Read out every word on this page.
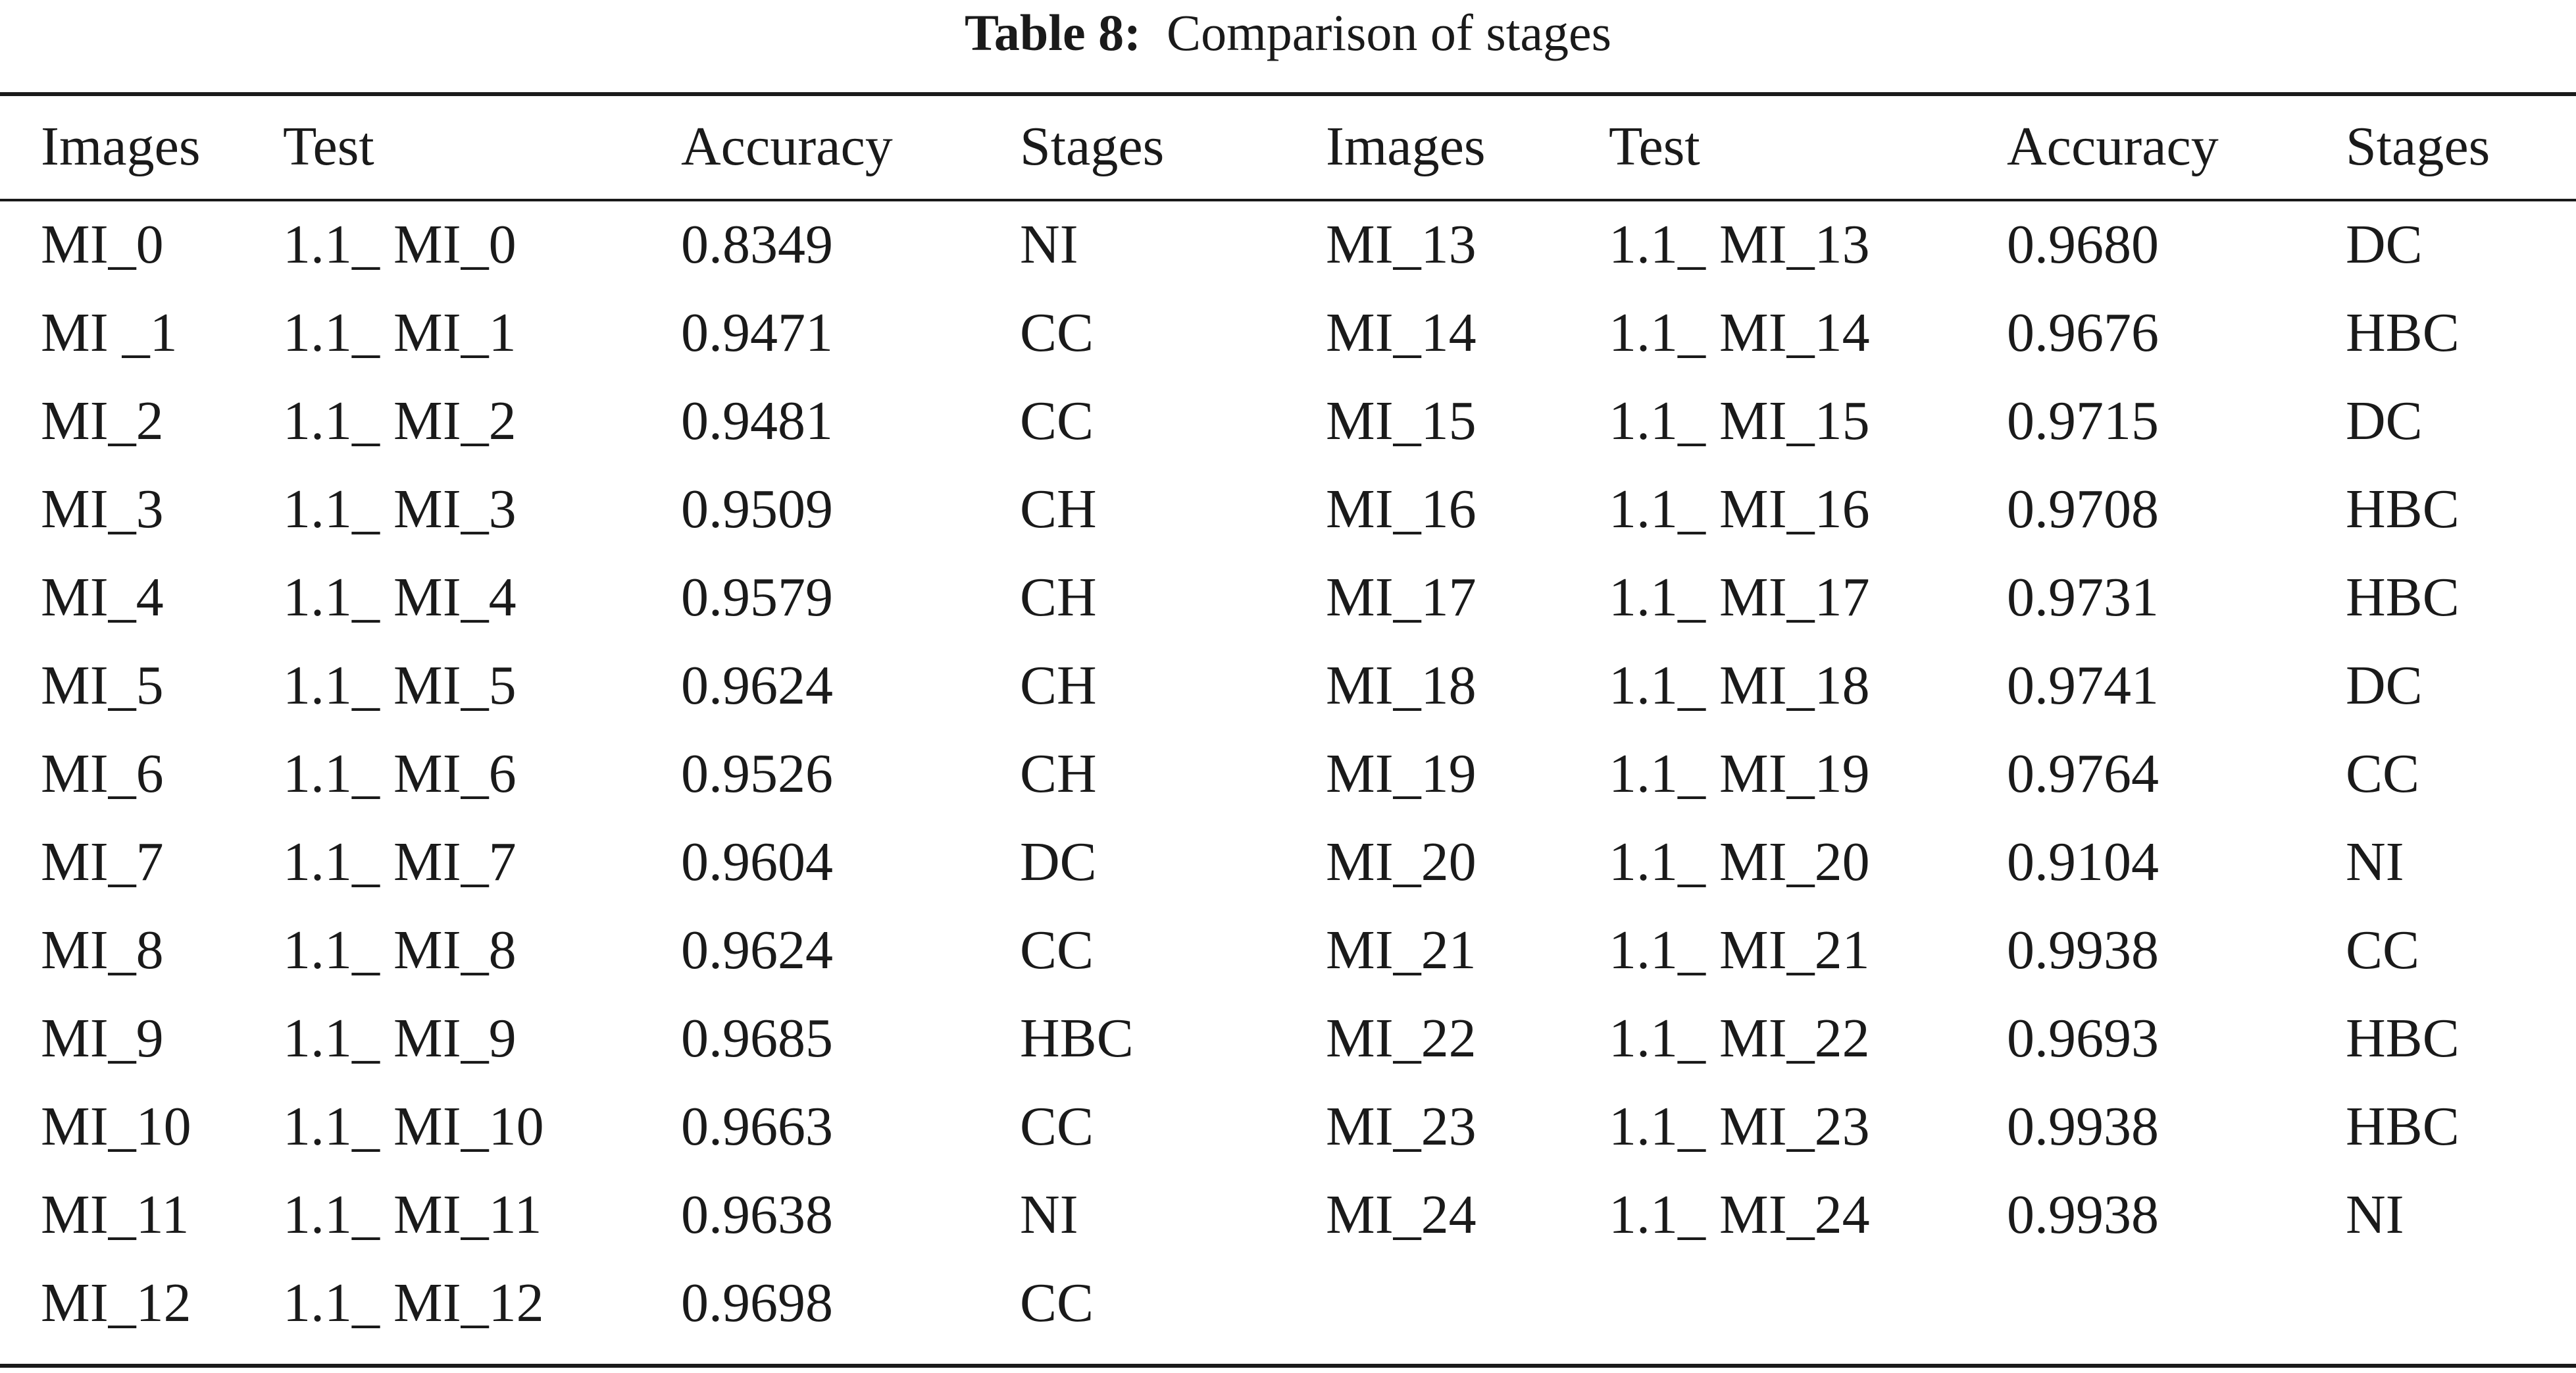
Table 8: Comparison of stages
Images	Test	Accuracy	Stages	Images	Test	Accuracy	Stages
MI_0	1.1_ MI_0	0.8349	NI	MI_13	1.1_ MI_13	0.9680	DC
MI _1	1.1_ MI_1	0.9471	CC	MI_14	1.1_ MI_14	0.9676	HBC
MI_2	1.1_ MI_2	0.9481	CC	MI_15	1.1_ MI_15	0.9715	DC
MI_3	1.1_ MI_3	0.9509	CH	MI_16	1.1_ MI_16	0.9708	HBC
MI_4	1.1_ MI_4	0.9579	CH	MI_17	1.1_ MI_17	0.9731	HBC
MI_5	1.1_ MI_5	0.9624	CH	MI_18	1.1_ MI_18	0.9741	DC
MI_6	1.1_ MI_6	0.9526	CH	MI_19	1.1_ MI_19	0.9764	CC
MI_7	1.1_ MI_7	0.9604	DC	MI_20	1.1_ MI_20	0.9104	NI
MI_8	1.1_ MI_8	0.9624	CC	MI_21	1.1_ MI_21	0.9938	CC
MI_9	1.1_ MI_9	0.9685	HBC	MI_22	1.1_ MI_22	0.9693	HBC
MI_10	1.1_ MI_10	0.9663	CC	MI_23	1.1_ MI_23	0.9938	HBC
MI_11	1.1_ MI_11	0.9638	NI	MI_24	1.1_ MI_24	0.9938	NI
MI_12	1.1_ MI_12	0.9698	CC				
